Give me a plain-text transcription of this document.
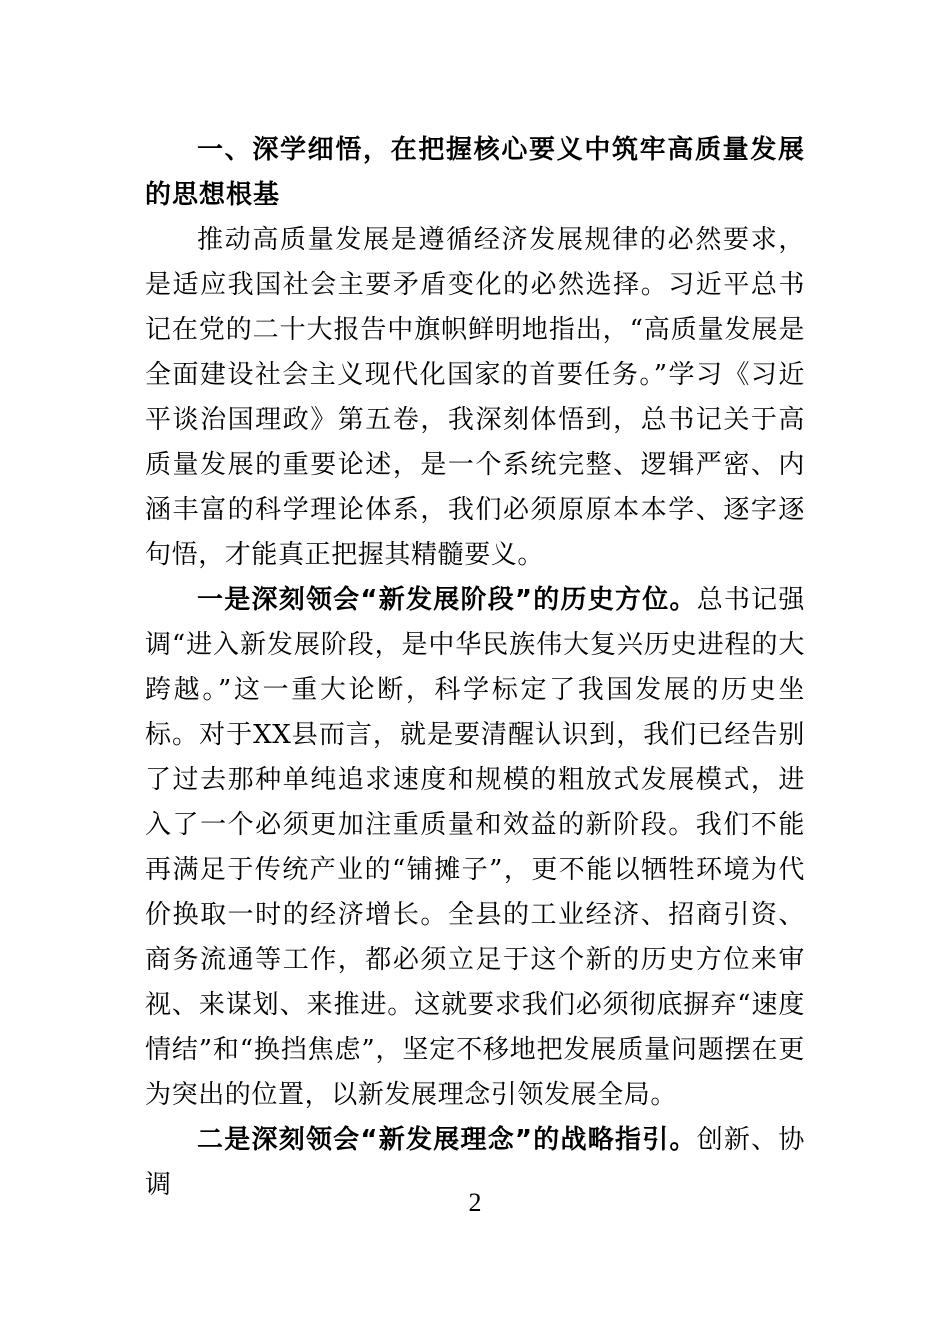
一、深学细悟，在把握核心要义中筑牢高质量发展的思想根基

推动高质量发展是遵循经济发展规律的必然要求，是适应我国社会主要矛盾变化的必然选择。习近平总书记在党的二十大报告中旗帜鲜明地指出，“高质量发展是全面建设社会主义现代化国家的首要任务。”学习《习近平谈治国理政》第五卷，我深刻体悟到，总书记关于高质量发展的重要论述，是一个系统完整、逻辑严密、内涵丰富的科学理论体系，我们必须原原本本学、逐字逐句悟，才能真正把握其精髓要义。

一是深刻领会“新发展阶段”的历史方位。总书记强调“进入新发展阶段，是中华民族伟大复兴历史进程的大跨越。”这一重大论断，科学标定了我国发展的历史坐标。对于XX县而言，就是要清醒认识到，我们已经告别了过去那种单纯追求速度和规模的粗放式发展模式，进入了一个必须更加注重质量和效益的新阶段。我们不能再满足于传统产业的“铺摊子”，更不能以牺牲环境为代价换取一时的经济增长。全县的工业经济、招商引资、商务流通等工作，都必须立足于这个新的历史方位来审视、来谋划、来推进。这就要求我们必须彻底摒弃“速度情结”和“换挡焦虑”，坚定不移地把发展质量问题摆在更为突出的位置，以新发展理念引领发展全局。

二是深刻领会“新发展理念”的战略指引。创新、协调

2
